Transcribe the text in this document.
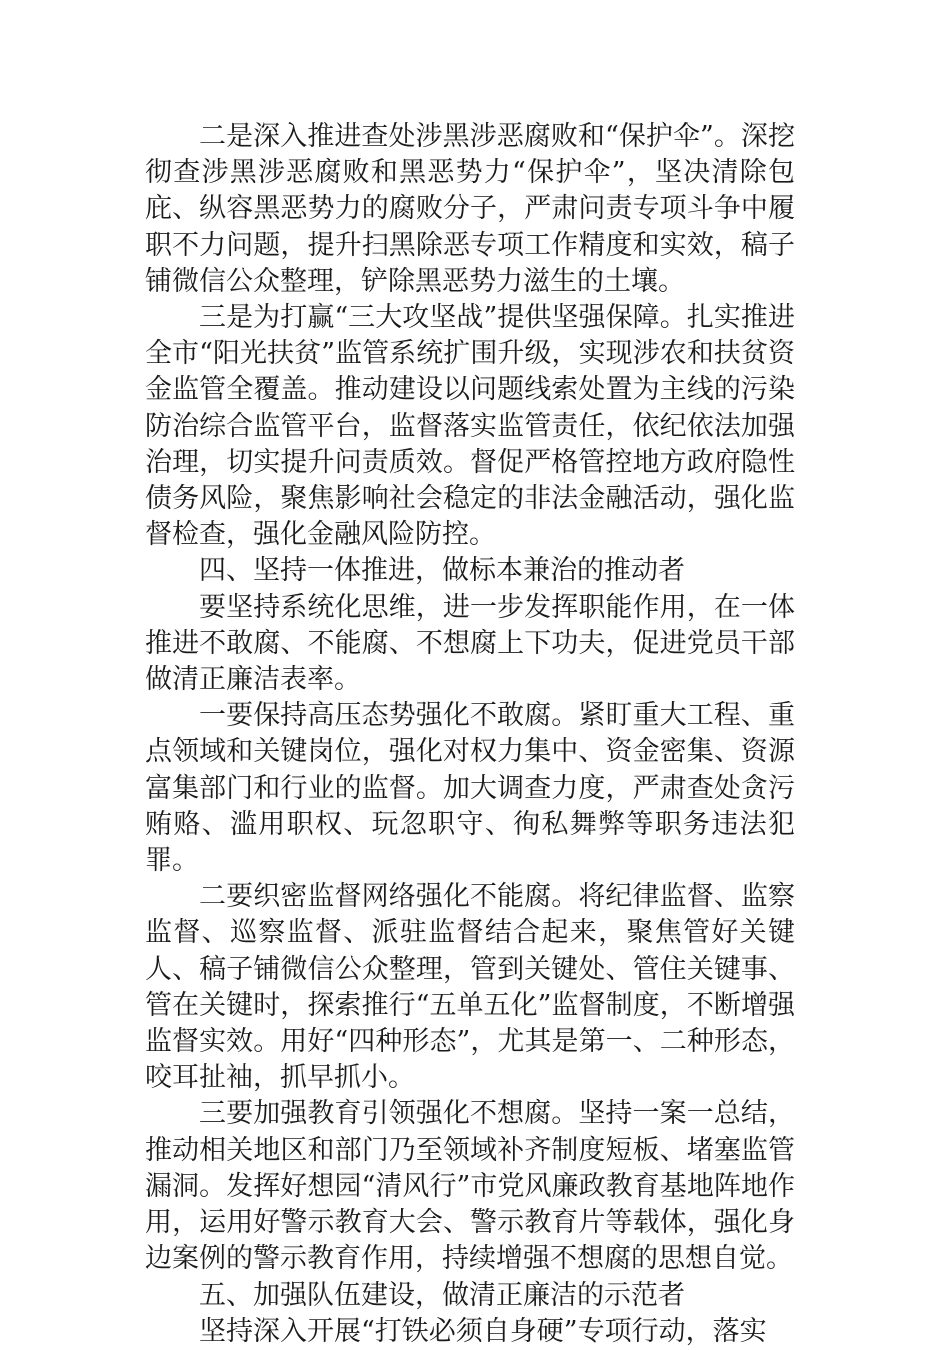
二是深入推进查处涉黑涉恶腐败和“保护伞”。深挖彻查涉黑涉恶腐败和黑恶势力“保护伞”，坚决清除包庇、纵容黑恶势力的腐败分子，严肃问责专项斗争中履职不力问题，提升扫黑除恶专项工作精度和实效，稿子铺微信公众整理，铲除黑恶势力滋生的土壤。

三是为打赢“三大攻坚战”提供坚强保障。扎实推进全市“阳光扶贫”监管系统扩围升级，实现涉农和扶贫资金监管全覆盖。推动建设以问题线索处置为主线的污染防治综合监管平台，监督落实监管责任，依纪依法加强治理，切实提升问责质效。督促严格管控地方政府隐性债务风险，聚焦影响社会稳定的非法金融活动，强化监督检查，强化金融风险防控。

四、坚持一体推进，做标本兼治的推动者

要坚持系统化思维，进一步发挥职能作用，在一体推进不敢腐、不能腐、不想腐上下功夫，促进党员干部做清正廉洁表率。

一要保持高压态势强化不敢腐。紧盯重大工程、重点领域和关键岗位，强化对权力集中、资金密集、资源富集部门和行业的监督。加大调查力度，严肃查处贪污贿赂、滥用职权、玩忽职守、徇私舞弊等职务违法犯罪。

二要织密监督网络强化不能腐。将纪律监督、监察监督、巡察监督、派驻监督结合起来，聚焦管好关键人、稿子铺微信公众整理，管到关键处、管住关键事、管在关键时，探索推行“五单五化”监督制度，不断增强监督实效。用好“四种形态”，尤其是第一、二种形态，咬耳扯袖，抓早抓小。

三要加强教育引领强化不想腐。坚持一案一总结，推动相关地区和部门乃至领域补齐制度短板、堵塞监管漏洞。发挥好想园“清风行”市党风廉政教育基地阵地作用，运用好警示教育大会、警示教育片等载体，强化身边案例的警示教育作用，持续增强不想腐的思想自觉。

五、加强队伍建设，做清正廉洁的示范者

坚持深入开展“打铁必须自身硬”专项行动，落实
